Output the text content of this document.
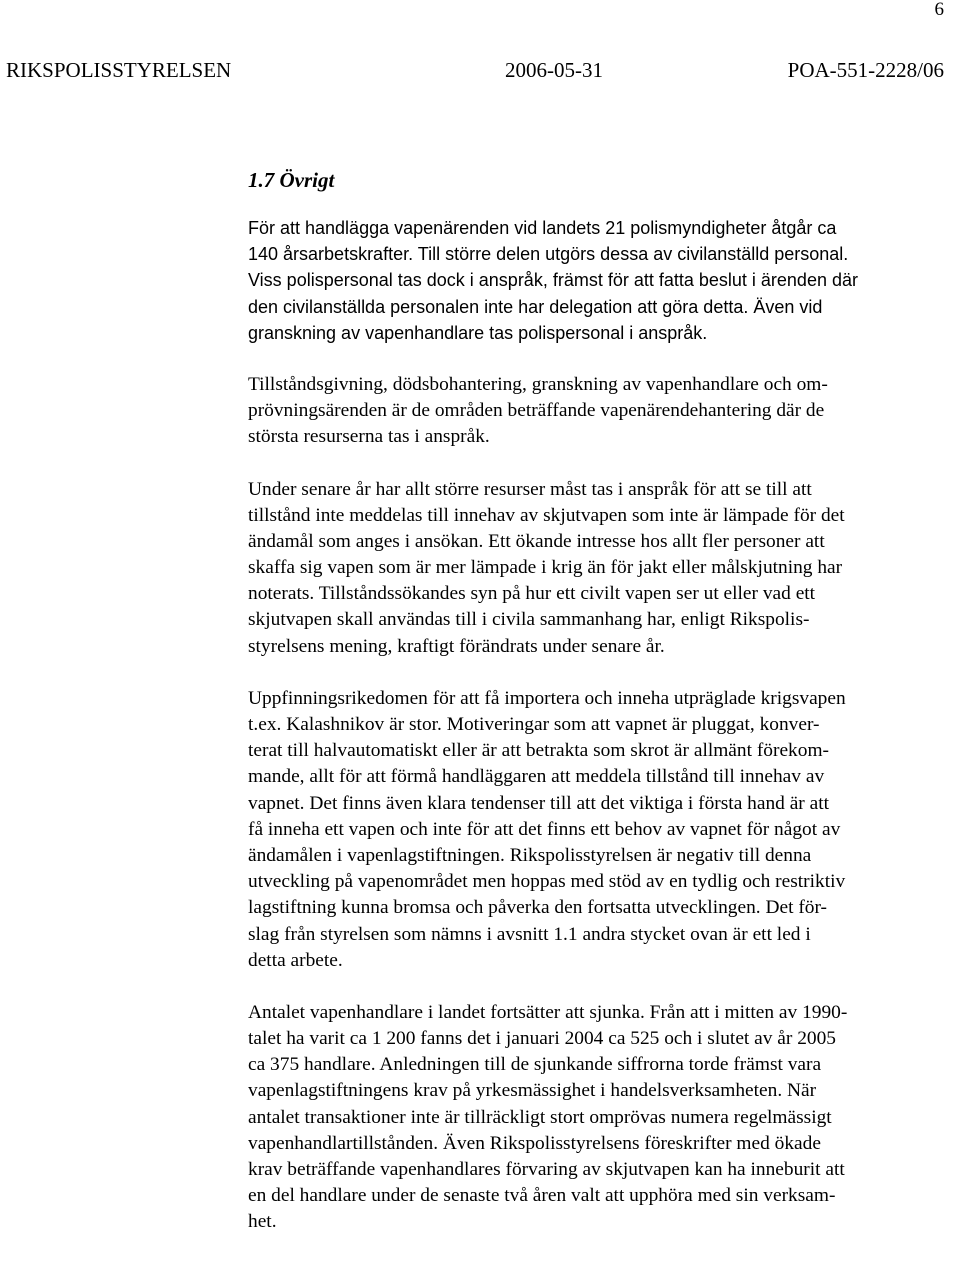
6
RIKSPOLISSTYRELSEN	2006-05-31	POA-551-2228/06
1.7 Övrigt
För att handlägga vapenärenden vid landets 21 polismyndigheter åtgår ca
140 årsarbetskrafter. Till större delen utgörs dessa av civilanställd personal.
Viss polispersonal tas dock i anspråk, främst för att fatta beslut i ärenden där
den civilanställda personalen inte har delegation att göra detta. Även vid
granskning av vapenhandlare tas polispersonal i anspråk.
Tillståndsgivning, dödsbohantering, granskning av vapenhandlare och om-
prövningsärenden är de områden beträffande vapenärendehantering där de
största resurserna tas i anspråk.
Under senare år har allt större resurser måst tas i anspråk för att se till att
tillstånd inte meddelas till innehav av skjutvapen som inte är lämpade för det
ändamål som anges i ansökan. Ett ökande intresse hos allt fler personer att
skaffa sig vapen som är mer lämpade i krig än för jakt eller målskjutning har
noterats. Tillståndssökandes syn på hur ett civilt vapen ser ut eller vad ett
skjutvapen skall användas till i civila sammanhang har, enligt Rikspolis-
styrelsens mening, kraftigt förändrats under senare år.
Uppfinningsrikedomen för att få importera och inneha utpräglade krigsvapen
t.ex. Kalashnikov är stor. Motiveringar som att vapnet är pluggat, konver-
terat till halvautomatiskt eller är att betrakta som skrot är allmänt förekom-
mande, allt för att förmå handläggaren att meddela tillstånd till innehav av
vapnet. Det finns även klara tendenser till att det viktiga i första hand är att
få inneha ett vapen och inte för att det finns ett behov av vapnet för något av
ändamålen i vapenlagstiftningen. Rikspolisstyrelsen är negativ till denna
utveckling på vapenområdet men hoppas med stöd av en tydlig och restriktiv
lagstiftning kunna bromsa och påverka den fortsatta utvecklingen. Det för-
slag från styrelsen som nämns i avsnitt 1.1 andra stycket ovan är ett led i
detta arbete.
Antalet vapenhandlare i landet fortsätter att sjunka. Från att i mitten av 1990-
talet ha varit ca 1 200 fanns det i januari 2004 ca 525 och i slutet av år 2005
ca 375 handlare. Anledningen till de sjunkande siffrorna torde främst vara
vapenlagstiftningens krav på yrkesmässighet i handelsverksamheten. När
antalet transaktioner inte är tillräckligt stort omprövas numera regelmässigt
vapenhandlartillstånden. Även Rikspolisstyrelsens föreskrifter med ökade
krav beträffande vapenhandlares förvaring av skjutvapen kan ha inneburit att
en del handlare under de senaste två åren valt att upphöra med sin verksam-
het.
